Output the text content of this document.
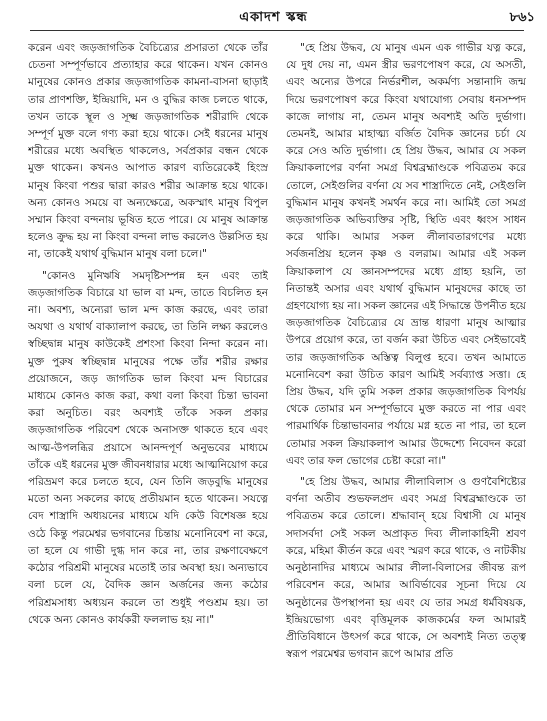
একাদশ স্কন্ধ	৮৬১

করেন এবং জড়জাগতিক বৈচিত্র্যের প্রসারতা থেকে তাঁর চেতনা সম্পূর্ণভাবে প্রত্যাহার করে থাকেন। যখন কোনও মানুষের কোনও প্রকার জড়জাগতিক কামনা-বাসনা ছাড়াই তার প্রাণশক্তি, ইন্দ্রিয়াদি, মন ও বুদ্ধির কাজ চলতে থাকে, তখন তাকে স্থূল ও সূক্ষ্ম জড়জাগতিক শরীরাদি থেকে সম্পূর্ণ মুক্ত বলে গণ্য করা হয়ে থাকে। সেই ধরনের মানুষ শরীরের মধ্যে অবস্থিত থাকলেও, সর্বপ্রকার বন্ধন থেকে মুক্ত থাকেন। কখনও আপাত কারণ ব্যতিরেকেই হিংস্র মানুষ কিংবা পশুর দ্বারা কারও শরীর আক্রান্ত হয়ে থাকে। অন্য কোনও সময়ে বা অন্যক্ষেত্রে, অকস্মাৎ মানুষ বিপুল সম্মান কিংবা বন্দনায় ভূষিত হতে পারে। যে মানুষ আক্রান্ত হলেও ক্রুদ্ধ হয় না কিংবা বন্দনা লাভ করলেও উল্লসিত হয় না, তাকেই যথার্থ বুদ্ধিমান মানুষ বলা চলে।"

"কোনও মুনিঋষি সমদৃষ্টিসম্পন্ন হন এবং তাই জড়জাগতিক বিচারে যা ভাল বা মন্দ, তাতে বিচলিত হন না। অবশ্য, অন্যেরা ভাল মন্দ কাজ করছে, এবং তারা অযথা ও যথার্থ বাক্যালাপ করছে, তা তিনি লক্ষ্য করলেও স্বচ্ছিদ্বান্ন মানুষ কাউকেই প্রশংসা কিংবা নিন্দা করেন না। মুক্ত পুরুষ স্বচ্ছিদ্বান্ন মানুষের পক্ষে তাঁর শরীর রক্ষার প্রয়োজনে, জড় জাগতিক ভাল কিংবা মন্দ বিচারের মাধ্যমে কোনও কাজ করা, কথা বলা কিংবা চিন্তা ভাবনা করা অনুচিত। বরং অবশ্যই তাঁকে সকল প্রকার জড়জাগতিক পরিবেশ থেকে অনাসক্ত থাকতে হবে এবং আত্ম-উপলব্ধির প্রয়াসে আনন্দপূর্ণ অনুভবের মাধ্যমে তাঁকে এই ধরনের মুক্ত জীবনধারার মধ্যে আত্মনিয়োগ করে পরিভ্রমণ করে চলতে হবে, যেন তিনি জড়বুদ্ধি মানুষের মতো অন্য সকলের কাছে প্রতীয়মান হতে থাকেন। সযত্নে বেদ শাস্ত্রাদি অধ্যয়নের মাধ্যমে যদি কেউ বিশেষজ্ঞ হয়ে ওঠে কিন্তু পরমেশ্বর ভগবানের চিন্তায় মনোনিবেশ না করে, তা হলে যে গাভী দুগ্ধ দান করে না, তার রক্ষণাবেক্ষণে কঠোর পরিশ্রমী মানুষের মতোই তার অবস্থা হয়। অন্যভাবে বলা চলে যে, বৈদিক জ্ঞান অর্জনের জন্য কঠোর পরিশ্রমসাধ্য অধ্যয়ন করলে তা শুধুই পণ্ডশ্রম হয়। তা থেকে অন্য কোনও কার্যকরী ফললাভ হয় না।"

"হে প্রিয় উদ্ধব, যে মানুষ এমন এক গাভীর যত্ন করে, যে দুধ দেয় না, এমন স্ত্রীর ভরণপোষণ করে, যে অসতী, এবং অন্যের উপরে নির্ভরশীল, অকর্মণ্য সন্তানাদি জন্ম দিয়ে ভরণপোষণ করে কিংবা যথাযোগ্য সেবায় ধনসম্পদ কাজে লাগায় না, তেমন মানুষ অবশ্যই অতি দুর্ভাগা। তেমনই, আমার মাহাত্ম্য বর্জিত বৈদিক জ্ঞানের চর্চা যে করে সেও অতি দুর্ভাগা। হে প্রিয় উদ্ধব, আমার যে সকল ক্রিয়াকলাপের বর্ণনা সমগ্র বিশ্বব্রহ্মাণ্ডকে পবিত্রতম করে তোলে, সেইগুলির বর্ণনা যে সব শাস্ত্রাদিতে নেই, সেইগুলি বুদ্ধিমান মানুষ কখনই সমর্থন করে না। আমিই তো সমগ্র জড়জাগতিক অভিব্যক্তির সৃষ্টি, স্থিতি এবং ধ্বংস সাধন করে থাকি। আমার সকল লীলাবতারগণের মধ্যে সর্বজনপ্রিয় হলেন কৃষ্ণ ও বলরাম। আমার এই সকল ক্রিয়াকলাপ যে জ্ঞানসম্পদের মধ্যে গ্রাহ্য হয়নি, তা নিতান্তই অসার এবং যথার্থ বুদ্ধিমান মানুষদের কাছে তা গ্রহণযোগ্য হয় না। সকল জ্ঞানের এই সিদ্ধান্তে উপনীত হয়ে জড়জাগতিক বৈচিত্র্যের যে ভ্রান্ত ধারণা মানুষ আত্মার উপরে প্রয়োগ করে, তা বর্জন করা উচিত এবং সেইভাবেই তার জড়জাগতিক অস্তিত্ব বিলুপ্ত হবে। তখন আমাতে মনোনিবেশ করা উচিত কারণ আমিই সর্বব্যাপ্ত সত্তা। হে প্রিয় উদ্ধব, যদি তুমি সকল প্রকার জড়জাগতিক বিপর্যয় থেকে তোমার মন সম্পূর্ণভাবে মুক্ত করতে না পার এবং পারমার্থিক চিন্তাভাবনার পর্যায়ে মগ্ন হতে না পার, তা হলে তোমার সকল ক্রিয়াকলাপ আমার উদ্দেশ্যে নিবেদন করো এবং তার ফল ভোগের চেষ্টা করো না।"

"হে প্রিয় উদ্ধব, আমার লীলাবিলাস ও গুণবৈশিষ্ট্যের বর্ণনা অতীব শুভফলপ্রদ এবং সমগ্র বিশ্বব্রহ্মাণ্ডকে তা পবিত্রতম করে তোলে। শ্রদ্ধাবান্ হয়ে বিশ্বাসী যে মানুষ সদাসর্বদা সেই সকল অপ্রাকৃত দিব্য লীলাকাহিনী শ্রবণ করে, মহিমা কীর্তন করে এবং স্মরণ করে থাকে, ও নাটকীয় অনুষ্ঠানাদির মাধ্যমে আমার লীলা-বিলাসের জীবন্ত রূপ পরিবেশন করে, আমার আবির্ভাবের সূচনা দিয়ে যে অনুষ্ঠানের উপস্থাপনা হয় এবং যে তার সমগ্র ধর্মবিষয়ক, ইন্দ্রিয়ভোগ্য এবং বৃত্তিমূলক কাজকর্মের ফল আমারই প্রীতিবিধানে উৎসর্গ করে থাকে, সে অবশ্যই নিত্য তত্ত্ব স্বরূপ পরমেশ্বর ভগবান রূপে আমার প্রতি
